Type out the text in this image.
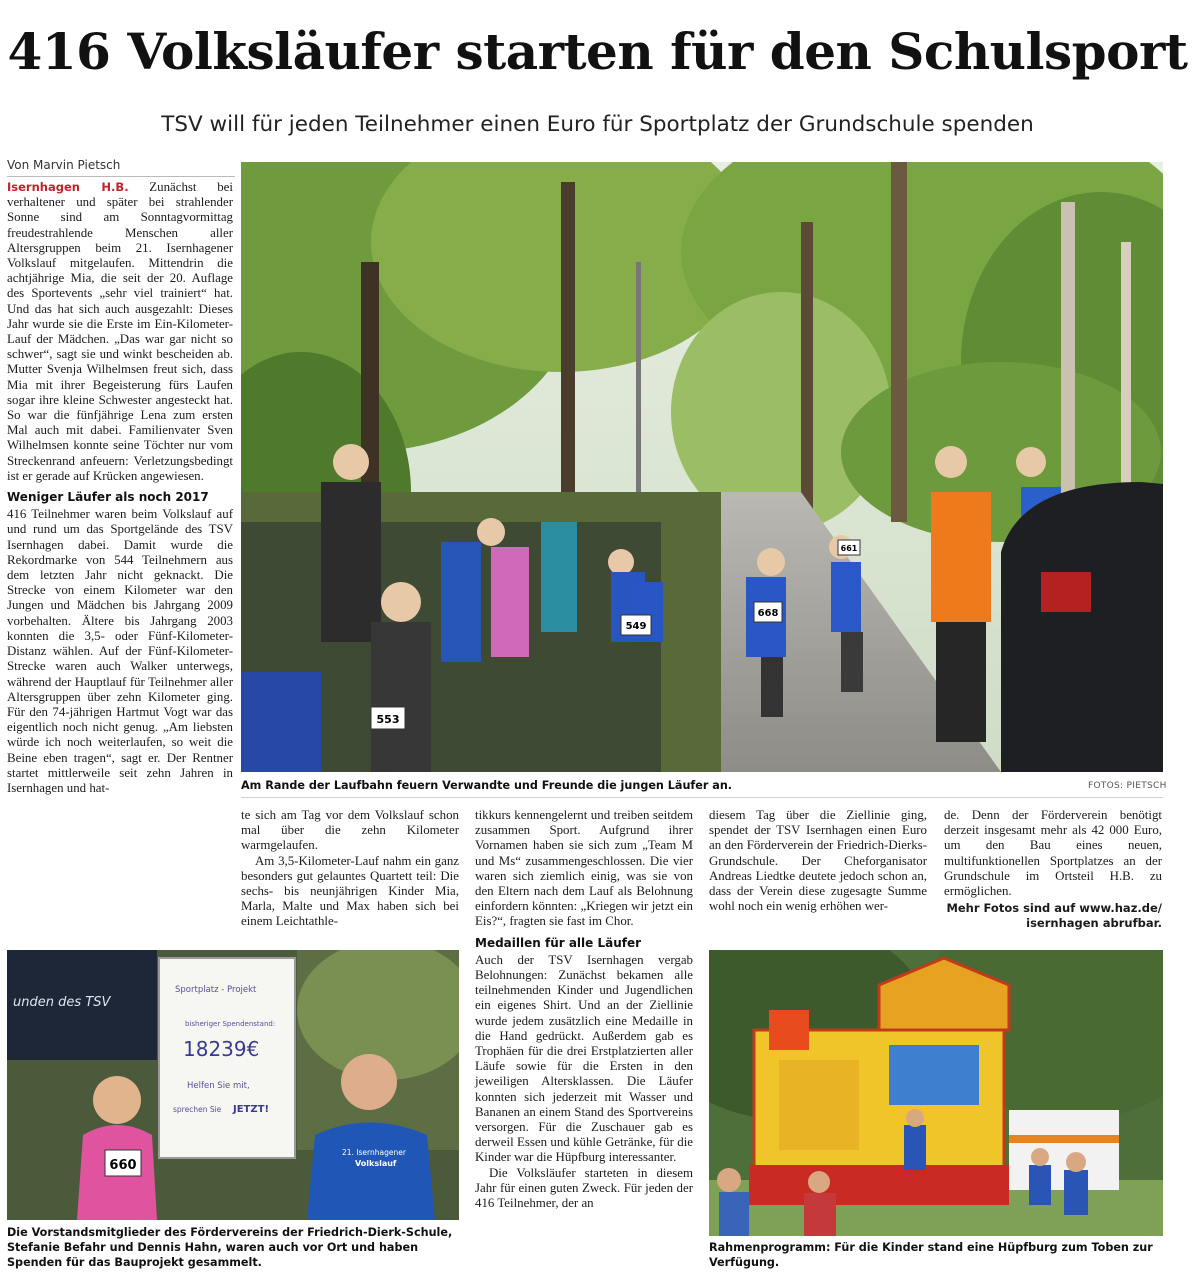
416 Volksläufer starten für den Schulsport
TSV will für jeden Teilnehmer einen Euro für Sportplatz der Grundschule spenden
Von Marvin Pietsch

Isernhagen H.B. Zunächst bei verhaltener und später bei strahlender Sonne sind am Sonntagvormittag freudestrahlende Menschen aller Altersgruppen beim 21. Isernhagener Volkslauf mitgelaufen. Mittendrin die achtjährige Mia, die seit der 20. Auflage des Sportevents „sehr viel trainiert“ hat. Und das hat sich auch ausgezahlt: Dieses Jahr wurde sie die Erste im Ein-Kilometer-Lauf der Mädchen. „Das war gar nicht so schwer“, sagt sie und winkt bescheiden ab. Mutter Svenja Wilhelmsen freut sich, dass Mia mit ihrer Begeisterung fürs Laufen sogar ihre kleine Schwester angesteckt hat. So war die fünfjährige Lena zum ersten Mal auch mit dabei. Familienvater Sven Wilhelmsen konnte seine Töchter nur vom Streckenrand anfeuern: Verletzungsbedingt ist er gerade auf Krücken angewiesen.

Weniger Läufer als noch 2017

416 Teilnehmer waren beim Volkslauf auf und rund um das Sportgelände des TSV Isernhagen dabei. Damit wurde die Rekordmarke von 544 Teilnehmern aus dem letzten Jahr nicht geknackt. Die Strecke von einem Kilometer war den Jungen und Mädchen bis Jahrgang 2009 vorbehalten. Ältere bis Jahrgang 2003 konnten die 3,5- oder Fünf-Kilometer-Distanz wählen. Auf der Fünf-Kilometer-Strecke waren auch Walker unterwegs, während der Hauptlauf für Teilnehmer aller Altersgruppen über zehn Kilometer ging. Für den 74-jährigen Hartmut Vogt war das eigentlich noch nicht genug. „Am liebsten würde ich noch weiterlaufen, so weit die Beine eben tragen“, sagt er. Der Rentner startet mittlerweile seit zehn Jahren in Isernhagen und hat-

549
668
553
661
Am Rande der Laufbahn feuern Verwandte und Freunde die jungen Läufer an.	FOTOS: PIETSCH

te sich am Tag vor dem Volkslauf schon mal über die zehn Kilometer warmgelaufen.

Am 3,5-Kilometer-Lauf nahm ein ganz besonders gut gelauntes Quartett teil: Die sechs- bis neunjährigen Kinder Mia, Marla, Malte und Max haben sich bei einem Leichtathle-

tikkurs kennengelernt und treiben seitdem zusammen Sport. Aufgrund ihrer Vornamen haben sie sich zum „Team M und Ms“ zusammengeschlossen. Die vier waren sich ziemlich einig, was sie von den Eltern nach dem Lauf als Belohnung einfordern könnten: „Kriegen wir jetzt ein Eis?“, fragten sie fast im Chor.

Medaillen für alle Läufer

Auch der TSV Isernhagen vergab Belohnungen: Zunächst bekamen alle teilnehmenden Kinder und Jugendlichen ein eigenes Shirt. Und an der Ziellinie wurde jedem zusätzlich eine Medaille in die Hand gedrückt. Außerdem gab es Trophäen für die drei Erstplatzierten aller Läufe sowie für die Ersten in den jeweiligen Altersklassen. Die Läufer konnten sich jederzeit mit Wasser und Bananen an einem Stand des Sportvereins versorgen. Für die Zuschauer gab es derweil Essen und kühle Getränke, für die Kinder war die Hüpfburg interessanter.

Die Volksläufer starteten in diesem Jahr für einen guten Zweck. Für jeden der 416 Teilnehmer, der an

diesem Tag über die Ziellinie ging, spendet der TSV Isernhagen einen Euro an den Förderverein der Friedrich-Dierks-Grundschule. Der Cheforganisator Andreas Liedtke deutete jedoch schon an, dass der Verein diese zugesagte Summe wohl noch ein wenig erhöhen wer-

de. Denn der Förderverein benötigt derzeit insgesamt mehr als 42 000 Euro, um den Bau eines neuen, multifunktionellen Sportplatzes an der Grundschule im Ortsteil H.B. zu ermöglichen.

Mehr Fotos sind auf www.haz.de/
isernhagen abrufbar.
unden des TSV
Sportplatz - Projekt
bisheriger Spendenstand:
18239€
Helfen Sie mit,
sprechen Sie JETZT!
660
21. Isernhagener
Volkslauf
Die Vorstandsmitglieder des Fördervereins der Friedrich-Dierk-Schule, Stefanie Befahr und Dennis Hahn, waren auch vor Ort und haben Spenden für das Bauprojekt gesammelt.
Rahmenprogramm: Für die Kinder stand eine Hüpfburg zum Toben zur Verfügung.
